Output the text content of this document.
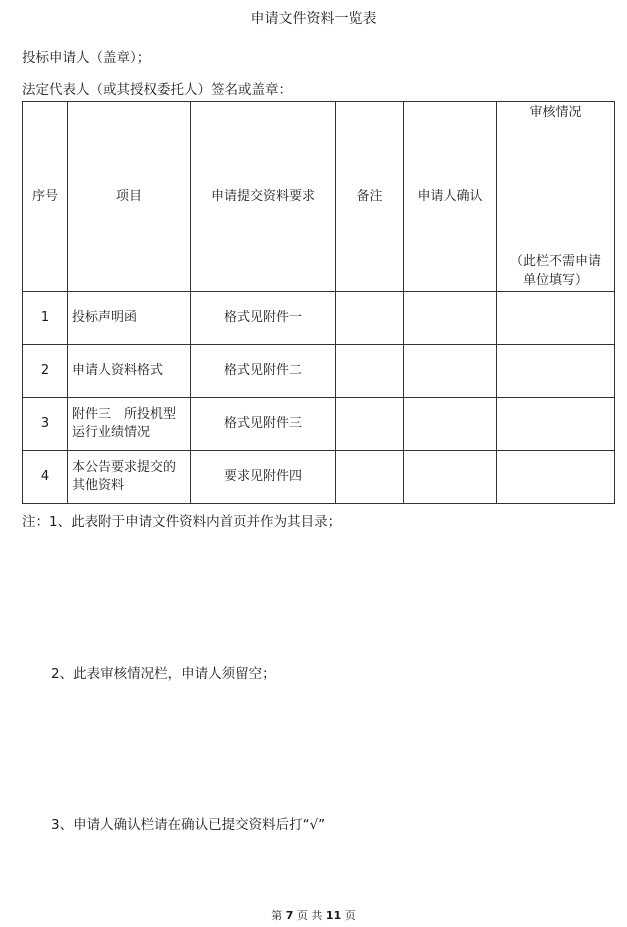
申请文件资料一览表
投标申请人（盖章）；
法定代表人（或其授权委托人）签名或盖章：
序号	项目	申请提交资料要求	备注	申请人确认	审核情况
（此栏不需申请
单位填写）

1	投标声明函	格式见附件一			
2	申请人资料格式	格式见附件二			
3	附件三　所投机型运行业绩情况	格式见附件三			
4	本公告要求提交的其他资料	要求见附件四			
注：1、此表附于申请文件资料内首页并作为其目录；
2、此表审核情况栏，申请人须留空；
3、申请人确认栏请在确认已提交资料后打“√”
第 7 页 共 11 页
